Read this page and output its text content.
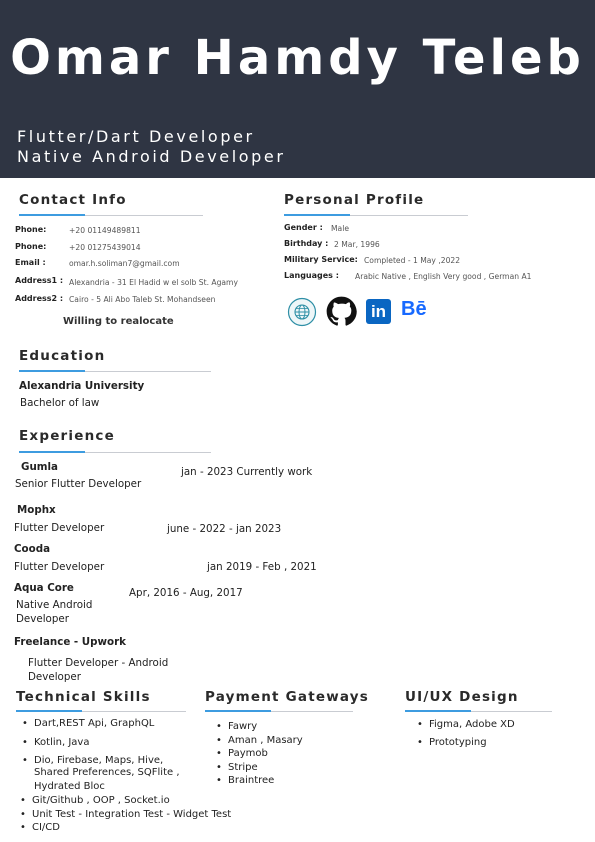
Omar Hamdy Teleb
Flutter/Dart Developer
Native Android Developer
Contact Info
Phone:	+20 01149489811
Phone:	+20 01275439014
Email :	omar.h.soliman7@gmail.com
Address1 : Alexandria - 31 El Hadid w el solb St. Agamy
Address2 : Cairo - 5 Ali Abo Taleb St. Mohandseen
Willing to realocate
Personal Profile
Gender : Male
Birthday : 2 Mar, 1996
Military Service: Completed - 1 May ,2022
Languages : Arabic Native , English Very good , German A1
in Bē
Education
Alexandria University
Bachelor of law
Experience
Gumla	jan - 2023 Currently work
Senior Flutter Developer
Mophx
Flutter Developer	june - 2022 - jan 2023
Cooda
Flutter Developer	jan 2019 - Feb , 2021
Aqua Core	Apr, 2016 - Aug, 2017
Native Android
Developer
Freelance - Upwork
Flutter Developer - Android
Developer
Technical Skills
• Dart,REST Api, GraphQL
• Kotlin, Java
• Dio, Firebase, Maps, Hive,
Shared Preferences, SQFlite ,
Hydrated Bloc
• Git/Github , OOP , Socket.io
• Unit Test - Integration Test - Widget Test
• CI/CD
Payment Gateways
• Fawry
• Aman , Masary
• Paymob
• Stripe
• Braintree
UI/UX Design
• Figma, Adobe XD
• Prototyping
